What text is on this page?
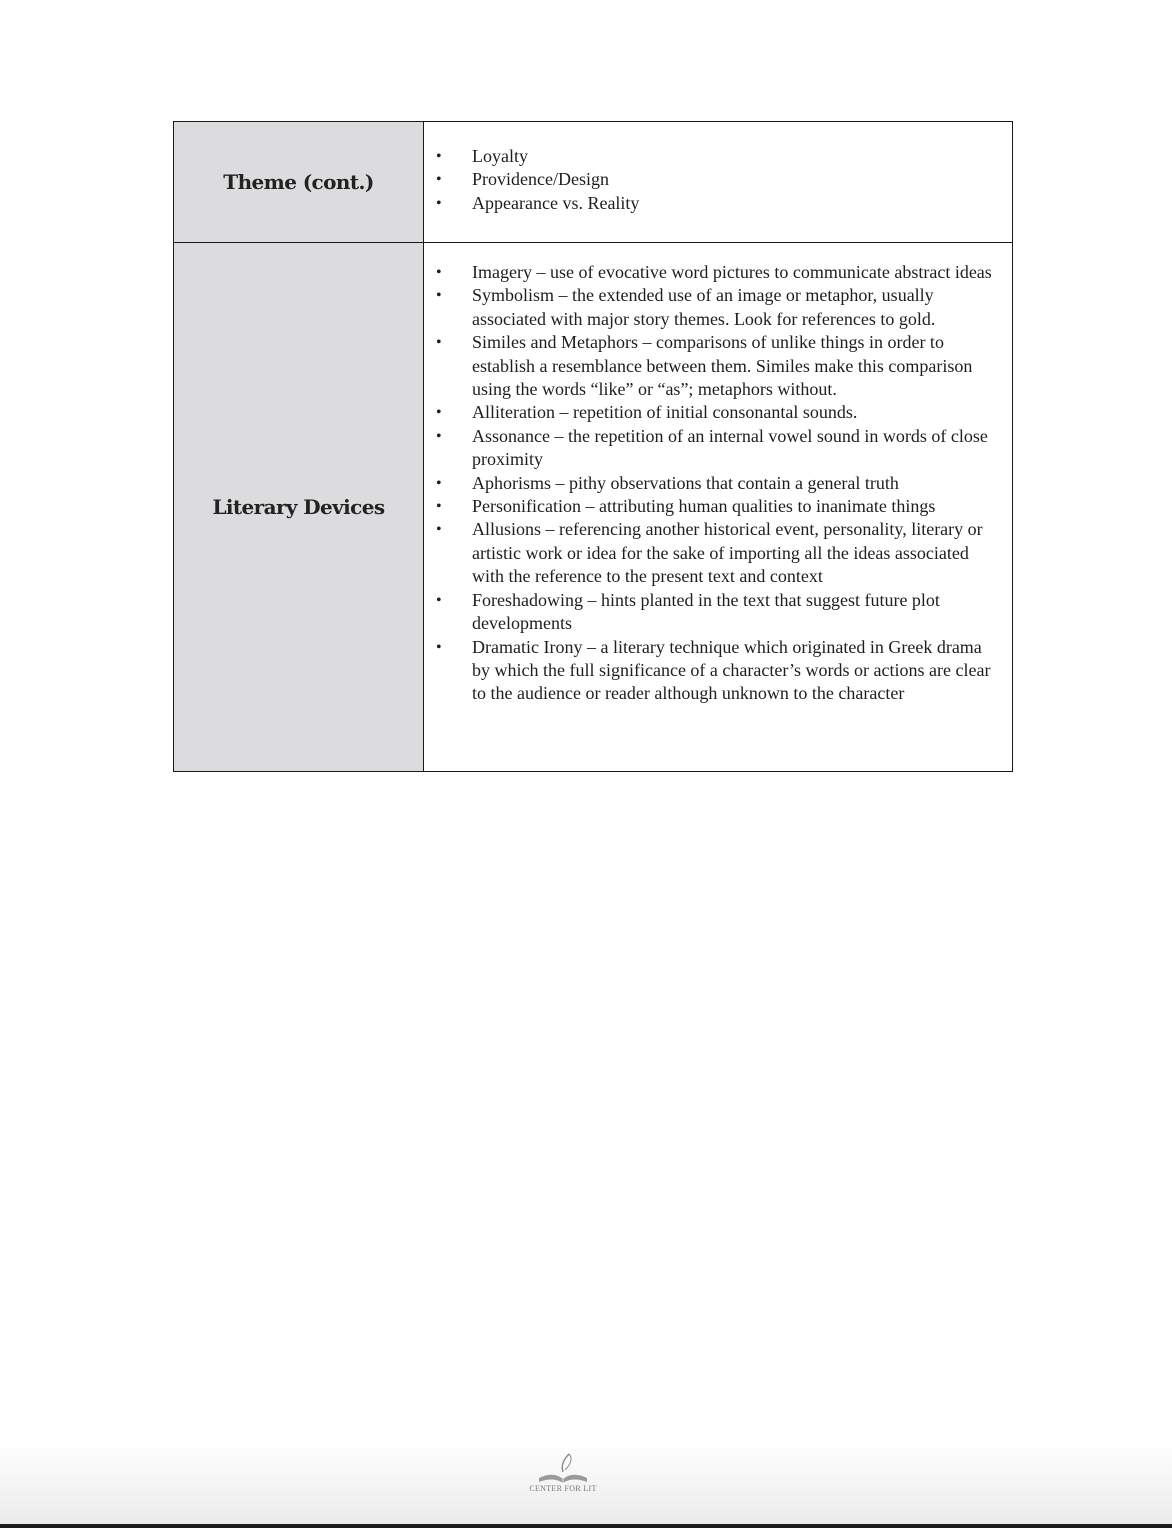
Theme (cont.)
• Loyalty
• Providence/Design
• Appearance vs. Reality
Literary Devices
• Imagery – use of evocative word pictures to communicate abstract ideas
• Symbolism – the extended use of an image or metaphor, usually associated with major story themes. Look for references to gold.
• Similes and Metaphors – comparisons of unlike things in order to establish a resemblance between them. Similes make this comparison using the words “like” or “as”; metaphors without.
• Alliteration – repetition of initial consonantal sounds.
• Assonance – the repetition of an internal vowel sound in words of close proximity
• Aphorisms – pithy observations that contain a general truth
• Personification – attributing human qualities to inanimate things
• Allusions – referencing another historical event, personality, literary or artistic work or idea for the sake of importing all the ideas associated with the reference to the present text and context
• Foreshadowing – hints planted in the text that suggest future plot developments
• Dramatic Irony – a literary technique which originated in Greek drama by which the full significance of a character’s words or actions are clear to the audience or reader although unknown to the character
CENTER FOR LIT
